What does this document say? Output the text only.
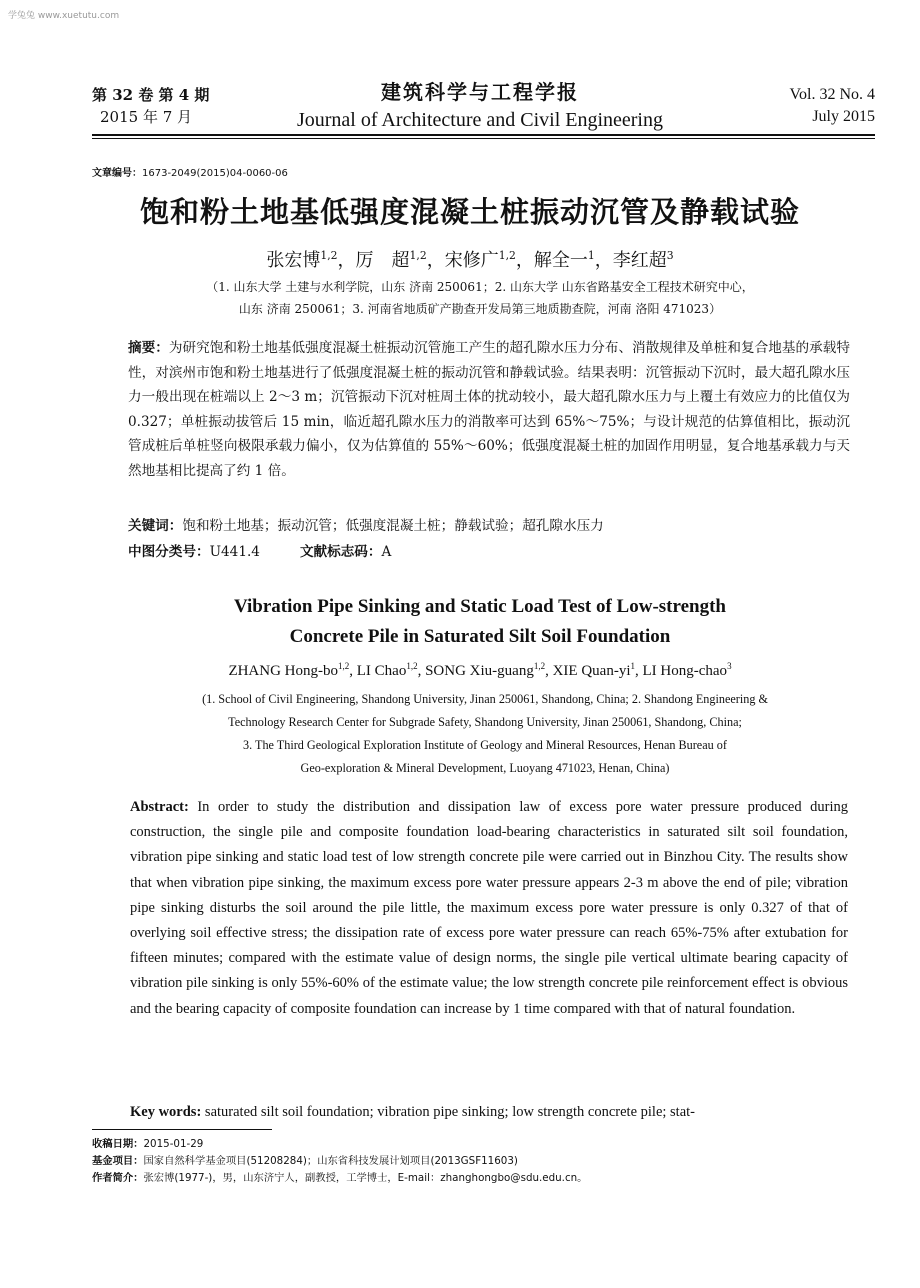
学兔兔 www.xuetutu.com
第 32 卷 第 4 期
2015 年 7 月
建筑科学与工程学报
Journal of Architecture and Civil Engineering
Vol. 32 No. 4
July 2015
文章编号：1673-2049(2015)04-0060-06
饱和粉土地基低强度混凝土桩振动沉管及静载试验
张宏博$^{1,2}$，厉　超$^{1,2}$，宋修广$^{1,2}$，解全一$^1$，李红超$^3$
（1. 山东大学 土建与水利学院，山东 济南 250061；2. 山东大学 山东省路基安全工程技术研究中心，
山东 济南 250061；3. 河南省地质矿产勘查开发局第三地质勘查院，河南 洛阳 471023）
摘要：为研究饱和粉土地基低强度混凝土桩振动沉管施工产生的超孔隙水压力分布、消散规律及单桩和复合地基的承载特性，对滨州市饱和粉土地基进行了低强度混凝土桩的振动沉管和静载试验。结果表明：沉管振动下沉时，最大超孔隙水压力一般出现在桩端以上 2～3 m；沉管振动下沉对桩周土体的扰动较小，最大超孔隙水压力与上覆土有效应力的比值仅为 0.327；单桩振动拔管后 15 min，临近超孔隙水压力的消散率可达到 65%～75%；与设计规范的估算值相比，振动沉管成桩后单桩竖向极限承载力偏小，仅为估算值的 55%～60%；低强度混凝土桩的加固作用明显，复合地基承载力与天然地基相比提高了约 1 倍。
关键词：饱和粉土地基；振动沉管；低强度混凝土桩；静载试验；超孔隙水压力
中图分类号：U441.4	文献标志码：A
Vibration Pipe Sinking and Static Load Test of Low-strength
Concrete Pile in Saturated Silt Soil Foundation
ZHANG Hong-bo$^{1,2}$, LI Chao$^{1,2}$, SONG Xiu-guang$^{1,2}$, XIE Quan-$yi^1$, LI Hong-chao$^3$
(1. School of Civil Engineering, Shandong University, Jinan 250061, Shandong, China; 2. Shandong Engineering &
Technology Research Center for Subgrade Safety, Shandong University, Jinan 250061, Shandong, China;
3. The Third Geological Exploration Institute of Geology and Mineral Resources, Henan Bureau of
Geo-exploration & Mineral Development, Luoyang 471023, Henan, China)
Abstract: In order to study the distribution and dissipation law of excess pore water pressure produced during construction, the single pile and composite foundation load-bearing characteristics in saturated silt soil foundation, vibration pipe sinking and static load test of low strength concrete pile were carried out in Binzhou City. The results show that when vibration pipe sinking, the maximum excess pore water pressure appears 2-3 m above the end of pile; vibration pipe sinking disturbs the soil around the pile little, the maximum excess pore water pressure is only 0.327 of that of overlying soil effective stress; the dissipation rate of excess pore water pressure can reach 65%-75% after extubation for fifteen minutes; compared with the estimate value of design norms, the single pile vertical ultimate bearing capacity of vibration pile sinking is only 55%-60% of the estimate value; the low strength concrete pile reinforcement effect is obvious and the bearing capacity of composite foundation can increase by 1 time compared with that of natural foundation.
Key words: saturated silt soil foundation; vibration pipe sinking; low strength concrete pile; stat-
收稿日期：2015-01-29
基金项目：国家自然科学基金项目(51208284)；山东省科技发展计划项目(2013GSF11603)
作者简介：张宏博(1977-)，男，山东济宁人，副教授，工学博士，E-mail：zhanghongbo@sdu.edu.cn。
